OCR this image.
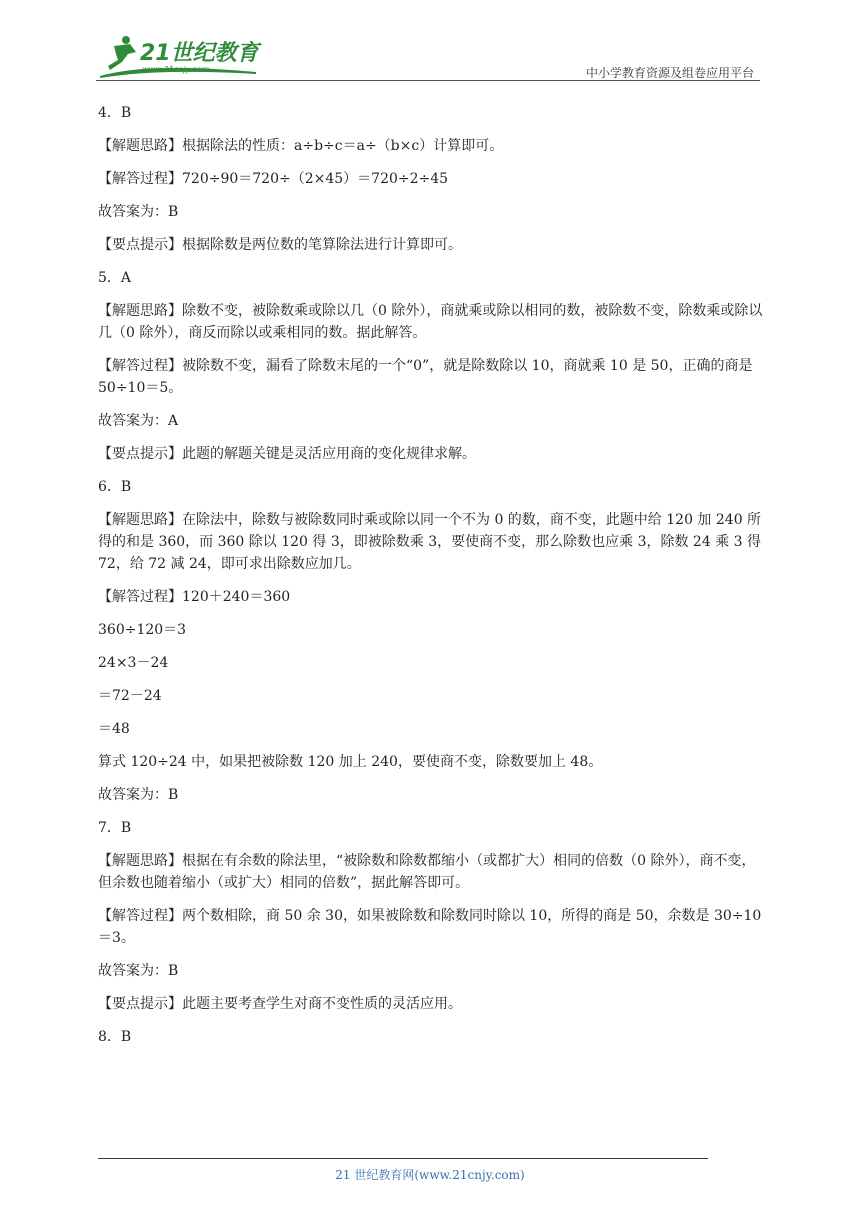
21世纪教育
www.21cnjy.com	中小学教育资源及组卷应用平台

4．B

【解题思路】根据除法的性质：a÷b÷c＝a÷（b×c）计算即可。

【解答过程】720÷90＝720÷（2×45）＝720÷2÷45

故答案为：B

【要点提示】根据除数是两位数的笔算除法进行计算即可。

5．A

【解题思路】除数不变，被除数乘或除以几（0 除外），商就乘或除以相同的数，被除数不变，除数乘或除以几（0 除外），商反而除以或乘相同的数。据此解答。

【解答过程】被除数不变，漏看了除数末尾的一个“0”，就是除数除以 10，商就乘 10 是 50，正确的商是 50÷10＝5。

故答案为：A

【要点提示】此题的解题关键是灵活应用商的变化规律求解。

6．B

【解题思路】在除法中，除数与被除数同时乘或除以同一个不为 0 的数，商不变，此题中给 120 加 240 所得的和是 360，而 360 除以 120 得 3，即被除数乘 3，要使商不变，那么除数也应乘 3，除数 24 乘 3 得 72，给 72 减 24，即可求出除数应加几。

【解答过程】120＋240＝360

360÷120＝3

24×3－24

＝72－24

＝48

算式 120÷24 中，如果把被除数 120 加上 240，要使商不变，除数要加上 48。

故答案为：B

7．B

【解题思路】根据在有余数的除法里，“被除数和除数都缩小（或都扩大）相同的倍数（0 除外），商不变，但余数也随着缩小（或扩大）相同的倍数”，据此解答即可。

【解答过程】两个数相除，商 50 余 30，如果被除数和除数同时除以 10，所得的商是 50，余数是 30÷10＝3。

故答案为：B

【要点提示】此题主要考查学生对商不变性质的灵活应用。

8．B

21 世纪教育网(www.21cnjy.com)
